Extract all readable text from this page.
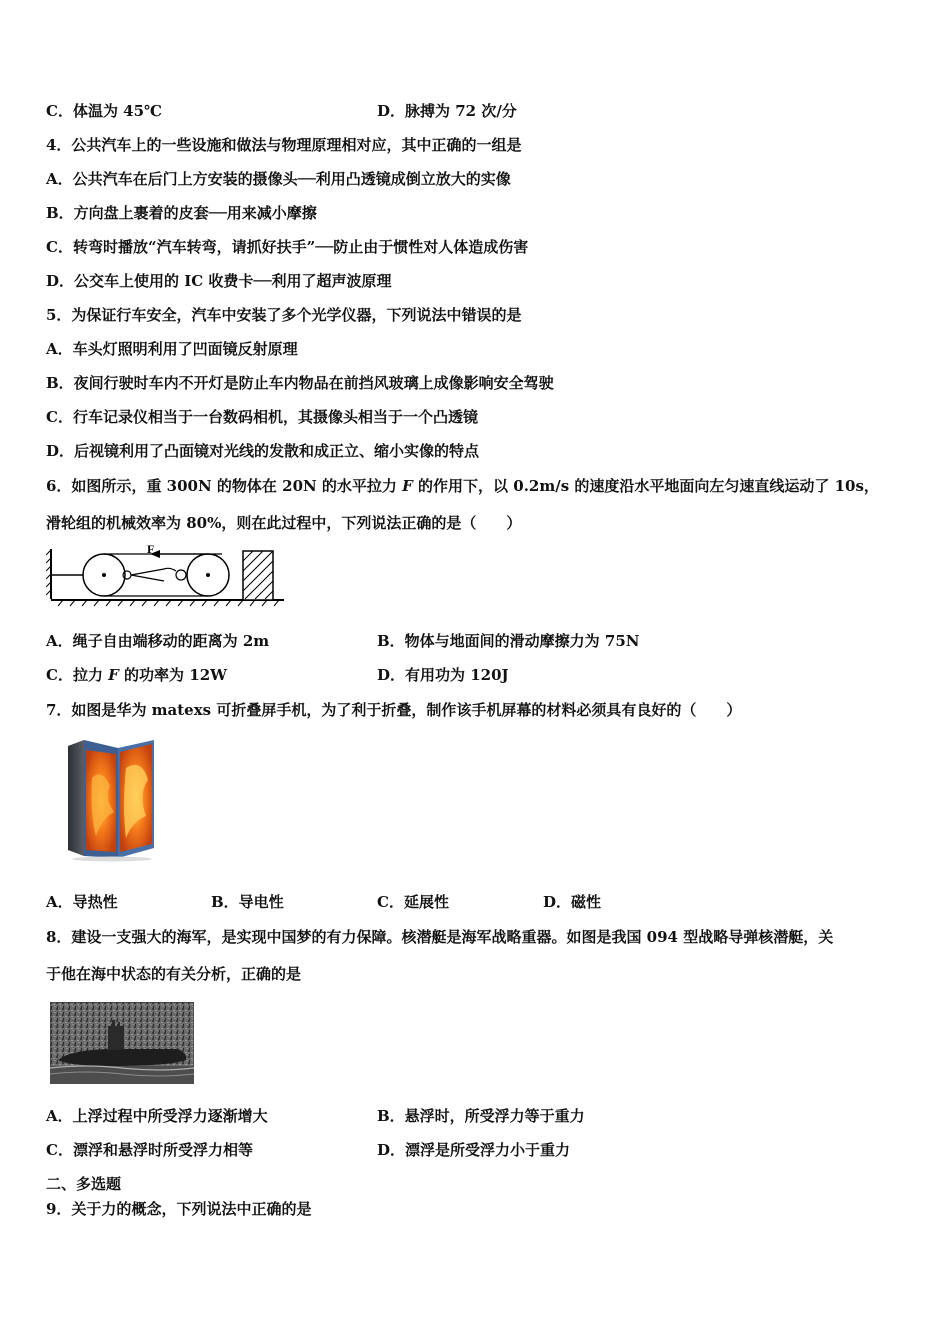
C．体温为 45℃	D．脉搏为 72 次/分
4．公共汽车上的一些设施和做法与物理原理相对应，其中正确的一组是
A．公共汽车在后门上方安装的摄像头──利用凸透镜成倒立放大的实像
B．方向盘上裹着的皮套──用来减小摩擦
C．转弯时播放“汽车转弯，请抓好扶手”──防止由于惯性对人体造成伤害
D．公交车上使用的 IC 收费卡──利用了超声波原理
5．为保证行车安全，汽车中安装了多个光学仪器，下列说法中错误的是
A．车头灯照明利用了凹面镜反射原理
B．夜间行驶时车内不开灯是防止车内物品在前挡风玻璃上成像影响安全驾驶
C．行车记录仪相当于一台数码相机，其摄像头相当于一个凸透镜
D．后视镜利用了凸面镜对光线的发散和成正立、缩小实像的特点
6．如图所示，重 300N 的物体在 20N 的水平拉力 F 的作用下，以 0.2m/s 的速度沿水平地面向左匀速直线运动了 10s，
滑轮组的机械效率为 80%，则在此过程中，下列说法正确的是（　　）
F
A．绳子自由端移动的距离为 2m	B．物体与地面间的滑动摩擦力为 75N
C．拉力 F 的功率为 12W	D．有用功为 120J
7．如图是华为 matexs 可折叠屏手机，为了利于折叠，制作该手机屏幕的材料必须具有良好的（　　）
A．导热性	B．导电性	C．延展性	D．磁性
8．建设一支强大的海军，是实现中国梦的有力保障。核潜艇是海军战略重器。如图是我国 094 型战略导弹核潜艇，关
于他在海中状态的有关分析，正确的是
A．上浮过程中所受浮力逐渐增大	B．悬浮时，所受浮力等于重力
C．漂浮和悬浮时所受浮力相等	D．漂浮是所受浮力小于重力
二、多选题
9．关于力的概念，下列说法中正确的是
